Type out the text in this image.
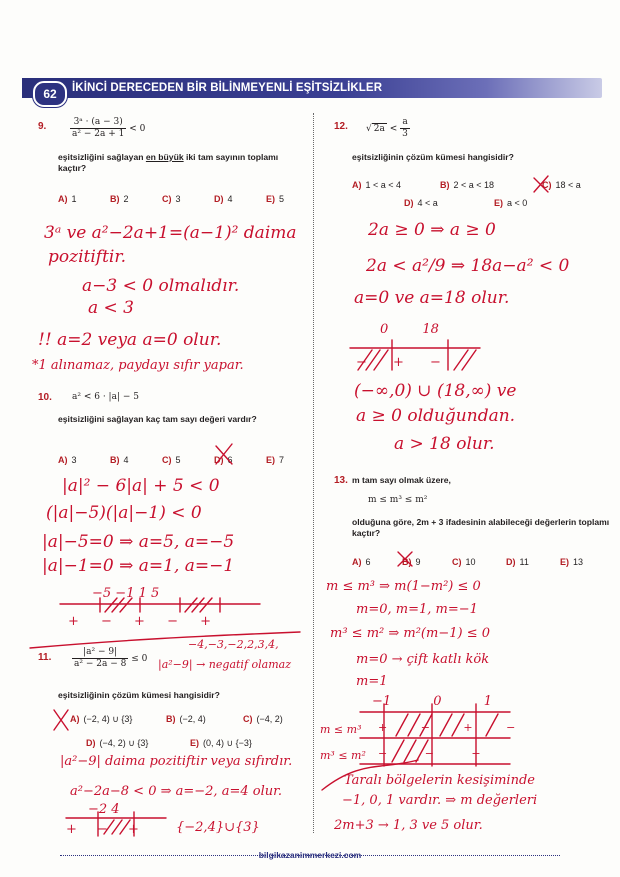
62	İKİNCİ DERECEDEN BİR BİLİNMEYENLİ EŞİTSİZLİKLER
9.	$\frac{\text{3ᵃ · (a − 3)}}{\text{a² − 2a + 1}} < 0$
eşitsizliğini sağlayan en büyük iki tam sayının toplamı kaçtır?
A) 1	B) 2	C) 3	D) 4	E) 5
3ᵃ ve a²−2a+1=(a−1)² daima
pozitiftir.
a−3 < 0 olmalıdır.
a < 3
!! a=2 veya a=0 olur.
*1 alınamaz, paydayı sıfır yapar.
10. a² < 6 · |a| − 5
eşitsizliğini sağlayan kaç tam sayı değeri vardır?
A) 3	B) 4	C) 5	D) 6	E) 7
|a|² − 6|a| + 5 < 0
(|a|−5)(|a|−1) < 0
|a|−5=0 ⇒ a=5, a=−5
|a|−1=0 ⇒ a=1, a=−1
−5 −1 1 5
+ − + − +
−4,−3,−2,2,3,4,
11. $\frac{\text{|a² − 9|}}{\text{a² − 2a − 8}} \le 0$
eşitsizliğinin çözüm kümesi hangisidir?
A) (−2, 4) ∪ {3}	B) (−2, 4)	C) (−4, 2)
D) (−4, 2) ∪ {3}	E) (0, 4) ∪ {−3}
|a²−9| → negatif olamaz
|a²−9| daima pozitiftir veya sıfırdır.
a²−2a−8 < 0 ⇒ a=−2, a=4 olur.
−2 4
+ − +	{−2,4}∪{3}
12. √ $2a < \frac{a}{3}$
eşitsizliğinin çözüm kümesi hangisidir?
A) 1 < a < 4	B) 2 < a < 18	C) 18 < a
D) 4 < a	E) a < 0
2a ≥ 0 ⇒ a ≥ 0
2a < a²/9 ⇒ 18a−a² < 0
a=0 ve a=18 olur.
0 18
− + −
(−∞,0) ∪ (18,∞) ve
a ≥ 0 olduğundan.
a > 18 olur.
13. m tam sayı olmak üzere,
m ≤ m³ ≤ m²
olduğuna göre, 2m + 3 ifadesinin alabileceği değerlerin toplamı kaçtır?
A) 6	B) 9	C) 10	D) 11	E) 13
m ≤ m³ ⇒ m(1−m²) ≤ 0
m=0, m=1, m=−1
m³ ≤ m² ⇒ m²(m−1) ≤ 0
m=0 → çift katlı kök
m=1
−1 0 1
m ≤ m³
m³ ≤ m²
+ − + −
− − +
Taralı bölgelerin kesişiminde
−1, 0, 1 vardır. ⇒ m değerleri
2m+3 → 1, 3 ve 5 olur.
bilgikazanimmerkezi.com
